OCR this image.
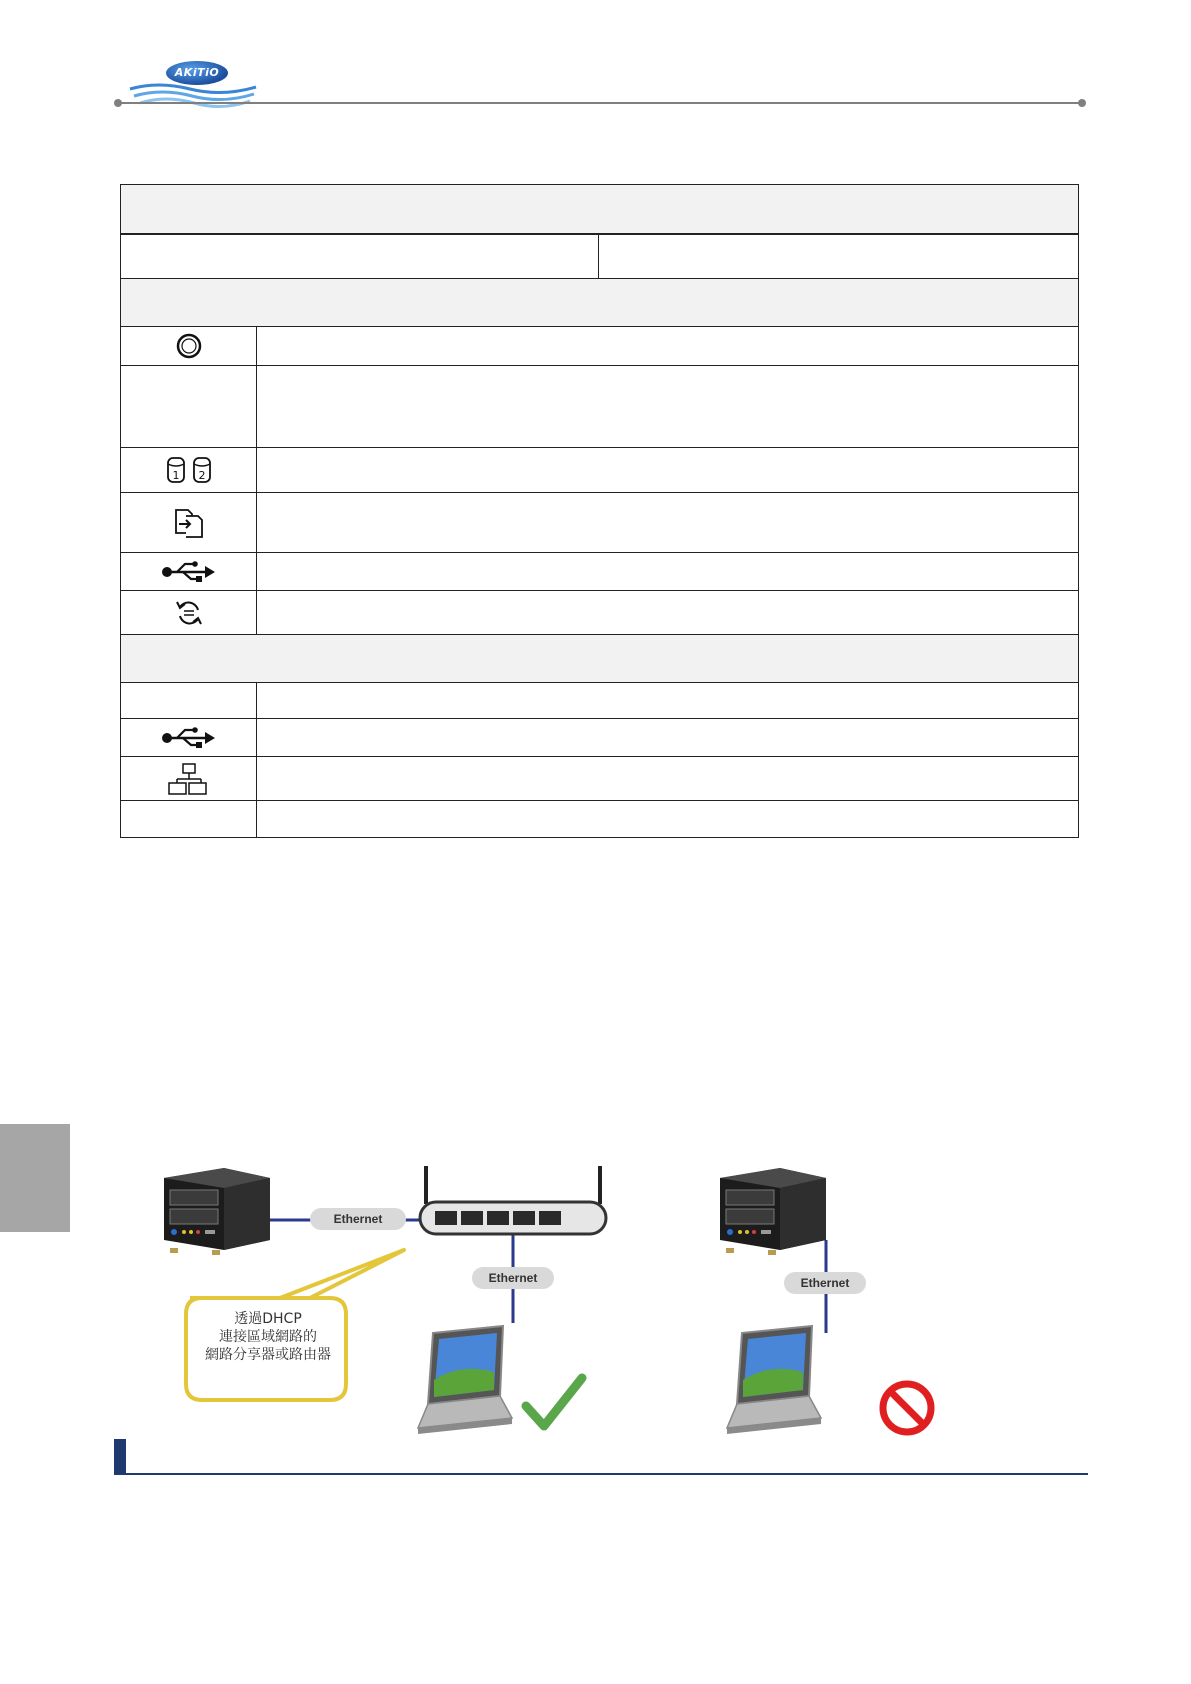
AKiTiO

1 2		

Ethernet
Ethernet	Ethernet
透過DHCP
連接區域網路的
網路分享器或路由器
